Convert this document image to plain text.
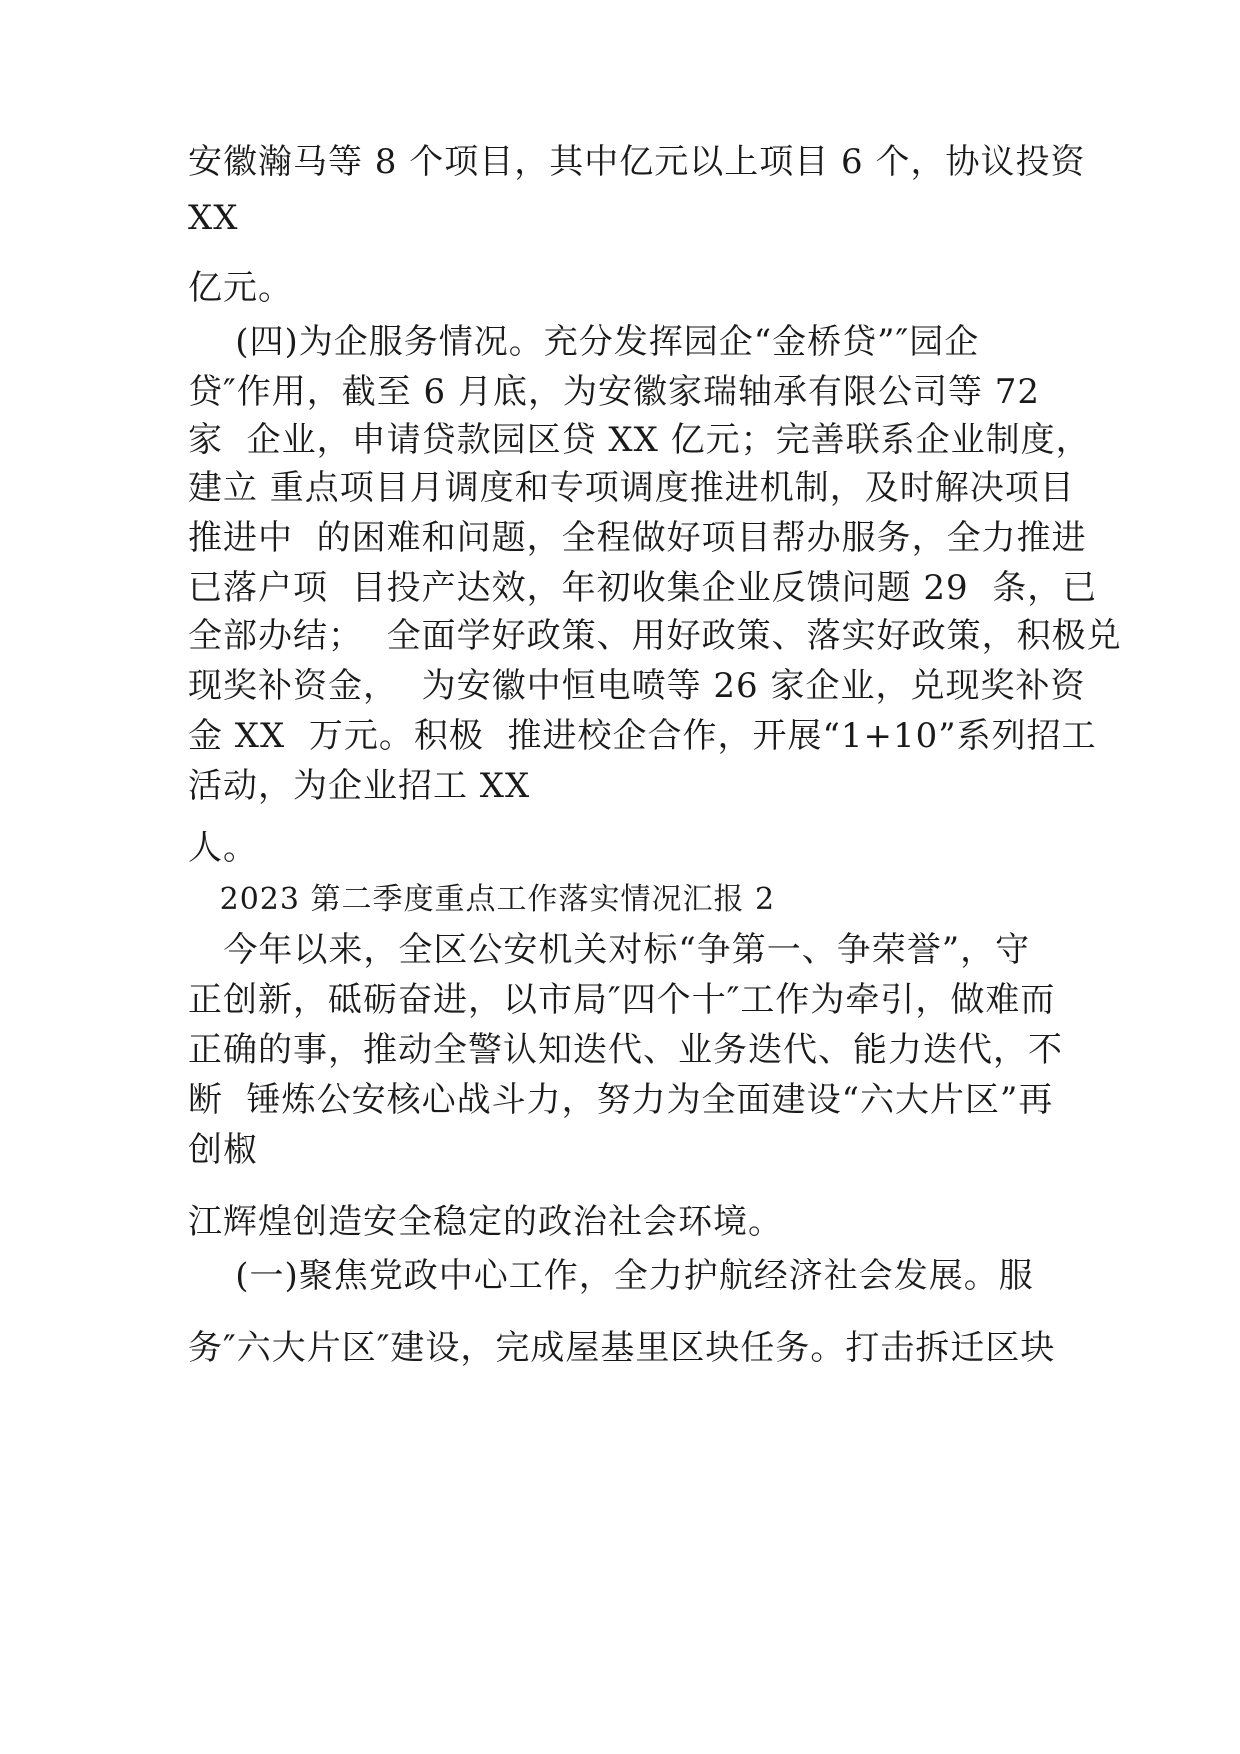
安徽瀚马等 8 个项目，其中亿元以上项目 6 个，协议投资
XX
亿元。
(四)为企服务情况。充分发挥园企“金桥贷”″园企
贷″作用，截至 6 月底，为安徽家瑞轴承有限公司等 72
家  企业，申请贷款园区贷 XX 亿元；完善联系企业制度，
建立 重点项目月调度和专项调度推进机制，及时解决项目
推进中  的困难和问题，全程做好项目帮办服务，全力推进
已落户项  目投产达效，年初收集企业反馈问题 29  条，已
全部办结；  全面学好政策、用好政策、落实好政策，积极兑
现奖补资金，  为安徽中恒电喷等 26 家企业，兑现奖补资
金 XX  万元。积极  推进校企合作，开展“1+10”系列招工
活动，为企业招工 XX
人。
2023 第二季度重点工作落实情况汇报 2
今年以来，全区公安机关对标“争第一、争荣誉”，守
正创新，砥砺奋进，以市局″四个十″工作为牵引，做难而
正确的事，推动全警认知迭代、业务迭代、能力迭代，不
断  锤炼公安核心战斗力，努力为全面建设“六大片区”再
创椒
江辉煌创造安全稳定的政治社会环境。
(一)聚焦党政中心工作，全力护航经济社会发展。服
务″六大片区″建设，完成屋基里区块任务。打击拆迁区块
